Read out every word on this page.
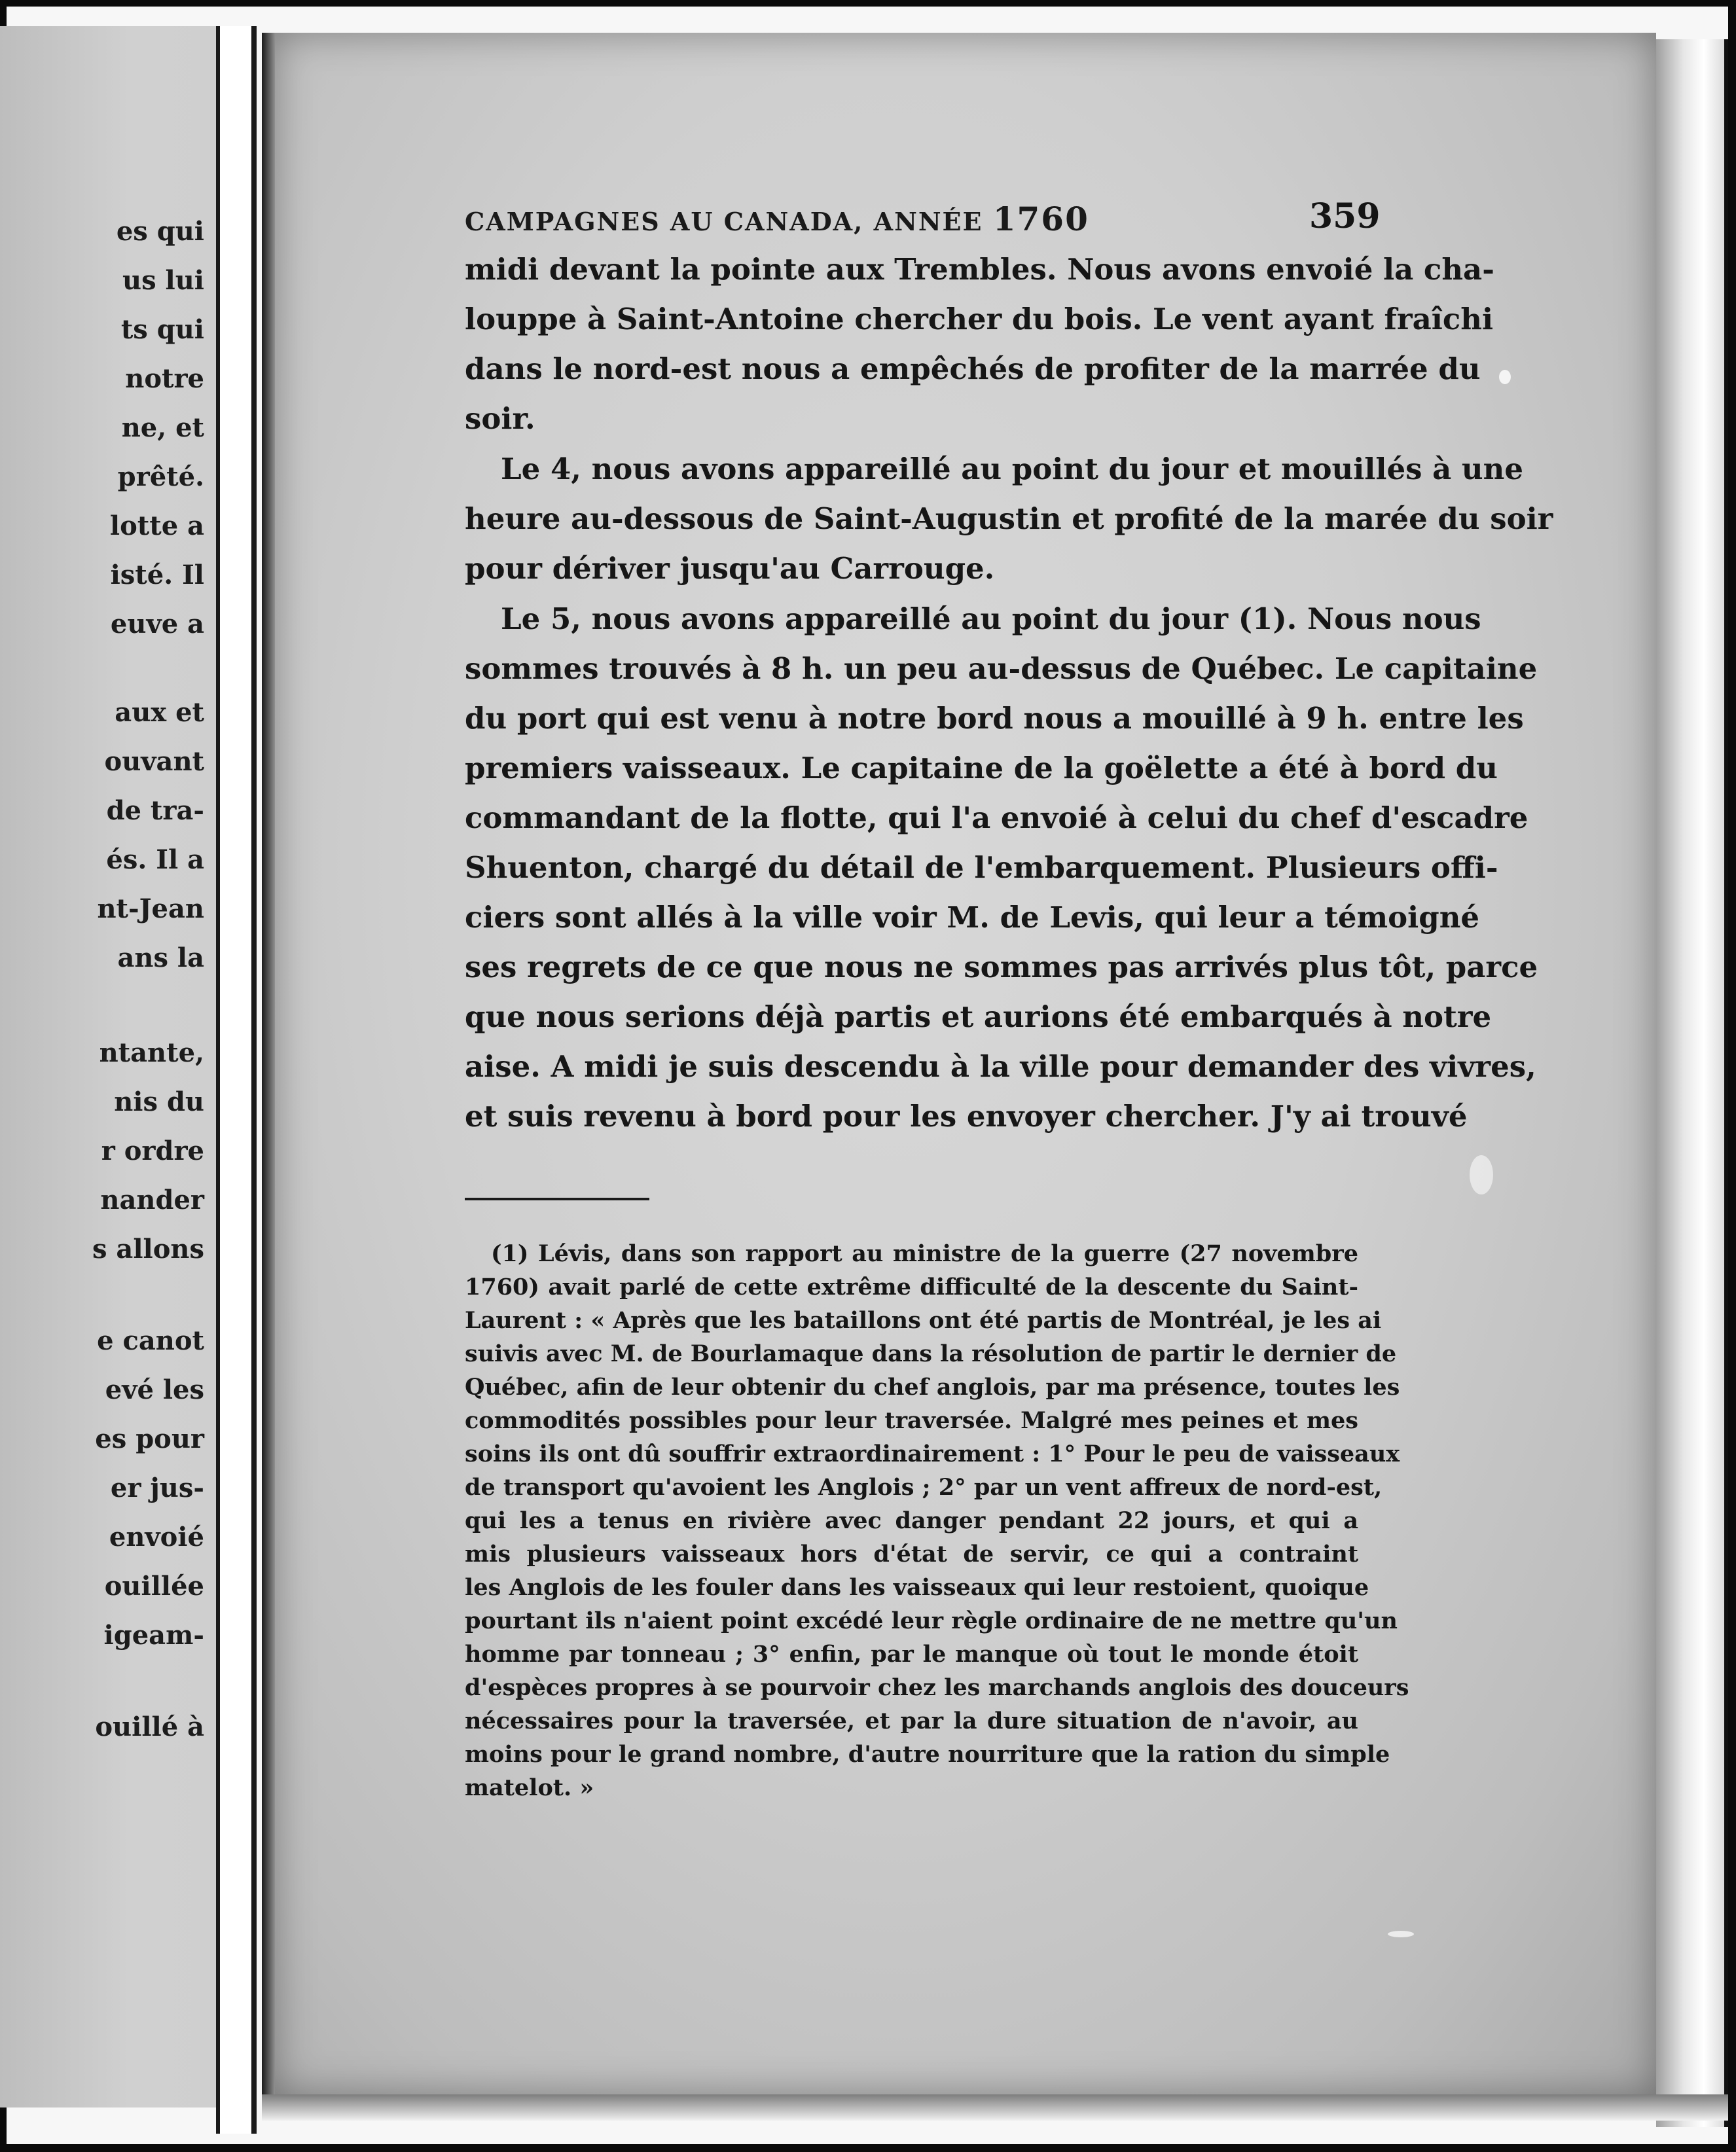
es qui
us lui
ts qui
notre
ne, et
prêté.
lotte a
isté. Il
euve a
aux et
ouvant
de tra-
és. Il a
nt-Jean
ans la
ntante,
nis du
r ordre
nander
s allons
e canot
evé les
es pour
er jus-
envoié
ouillée
igeam-
ouillé à
CAMPAGNES AU CANADA, ANNÉE 1760	359
midi devant la pointe aux Trembles. Nous avons envoié la cha-
louppe à Saint-Antoine chercher du bois. Le vent ayant fraîchi
dans le nord-est nous a empêchés de profiter de la marrée du
soir.
Le 4, nous avons appareillé au point du jour et mouillés à une
heure au-dessous de Saint-Augustin et profité de la marée du soir
pour dériver jusqu'au Carrouge.
Le 5, nous avons appareillé au point du jour (1). Nous nous
sommes trouvés à 8 h. un peu au-dessus de Québec. Le capitaine
du port qui est venu à notre bord nous a mouillé à 9 h. entre les
premiers vaisseaux. Le capitaine de la goëlette a été à bord du
commandant de la flotte, qui l'a envoié à celui du chef d'escadre
Shuenton, chargé du détail de l'embarquement. Plusieurs offi-
ciers sont allés à la ville voir M. de Levis, qui leur a témoigné
ses regrets de ce que nous ne sommes pas arrivés plus tôt, parce
que nous serions déjà partis et aurions été embarqués à notre
aise. A midi je suis descendu à la ville pour demander des vivres,
et suis revenu à bord pour les envoyer chercher. J'y ai trouvé
(1) Lévis, dans son rapport au ministre de la guerre (27 novembre
1760) avait parlé de cette extrême difficulté de la descente du Saint-
Laurent : « Après que les bataillons ont été partis de Montréal, je les ai
suivis avec M. de Bourlamaque dans la résolution de partir le dernier de
Québec, afin de leur obtenir du chef anglois, par ma présence, toutes les
commodités possibles pour leur traversée. Malgré mes peines et mes
soins ils ont dû souffrir extraordinairement : 1° Pour le peu de vaisseaux
de transport qu'avoient les Anglois ; 2° par un vent affreux de nord-est,
qui les a tenus en rivière avec danger pendant 22 jours, et qui a
mis plusieurs vaisseaux hors d'état de servir, ce qui a contraint
les Anglois de les fouler dans les vaisseaux qui leur restoient, quoique
pourtant ils n'aient point excédé leur règle ordinaire de ne mettre qu'un
homme par tonneau ; 3° enfin, par le manque où tout le monde étoit
d'espèces propres à se pourvoir chez les marchands anglois des douceurs
nécessaires pour la traversée, et par la dure situation de n'avoir, au
moins pour le grand nombre, d'autre nourriture que la ration du simple
matelot. »
